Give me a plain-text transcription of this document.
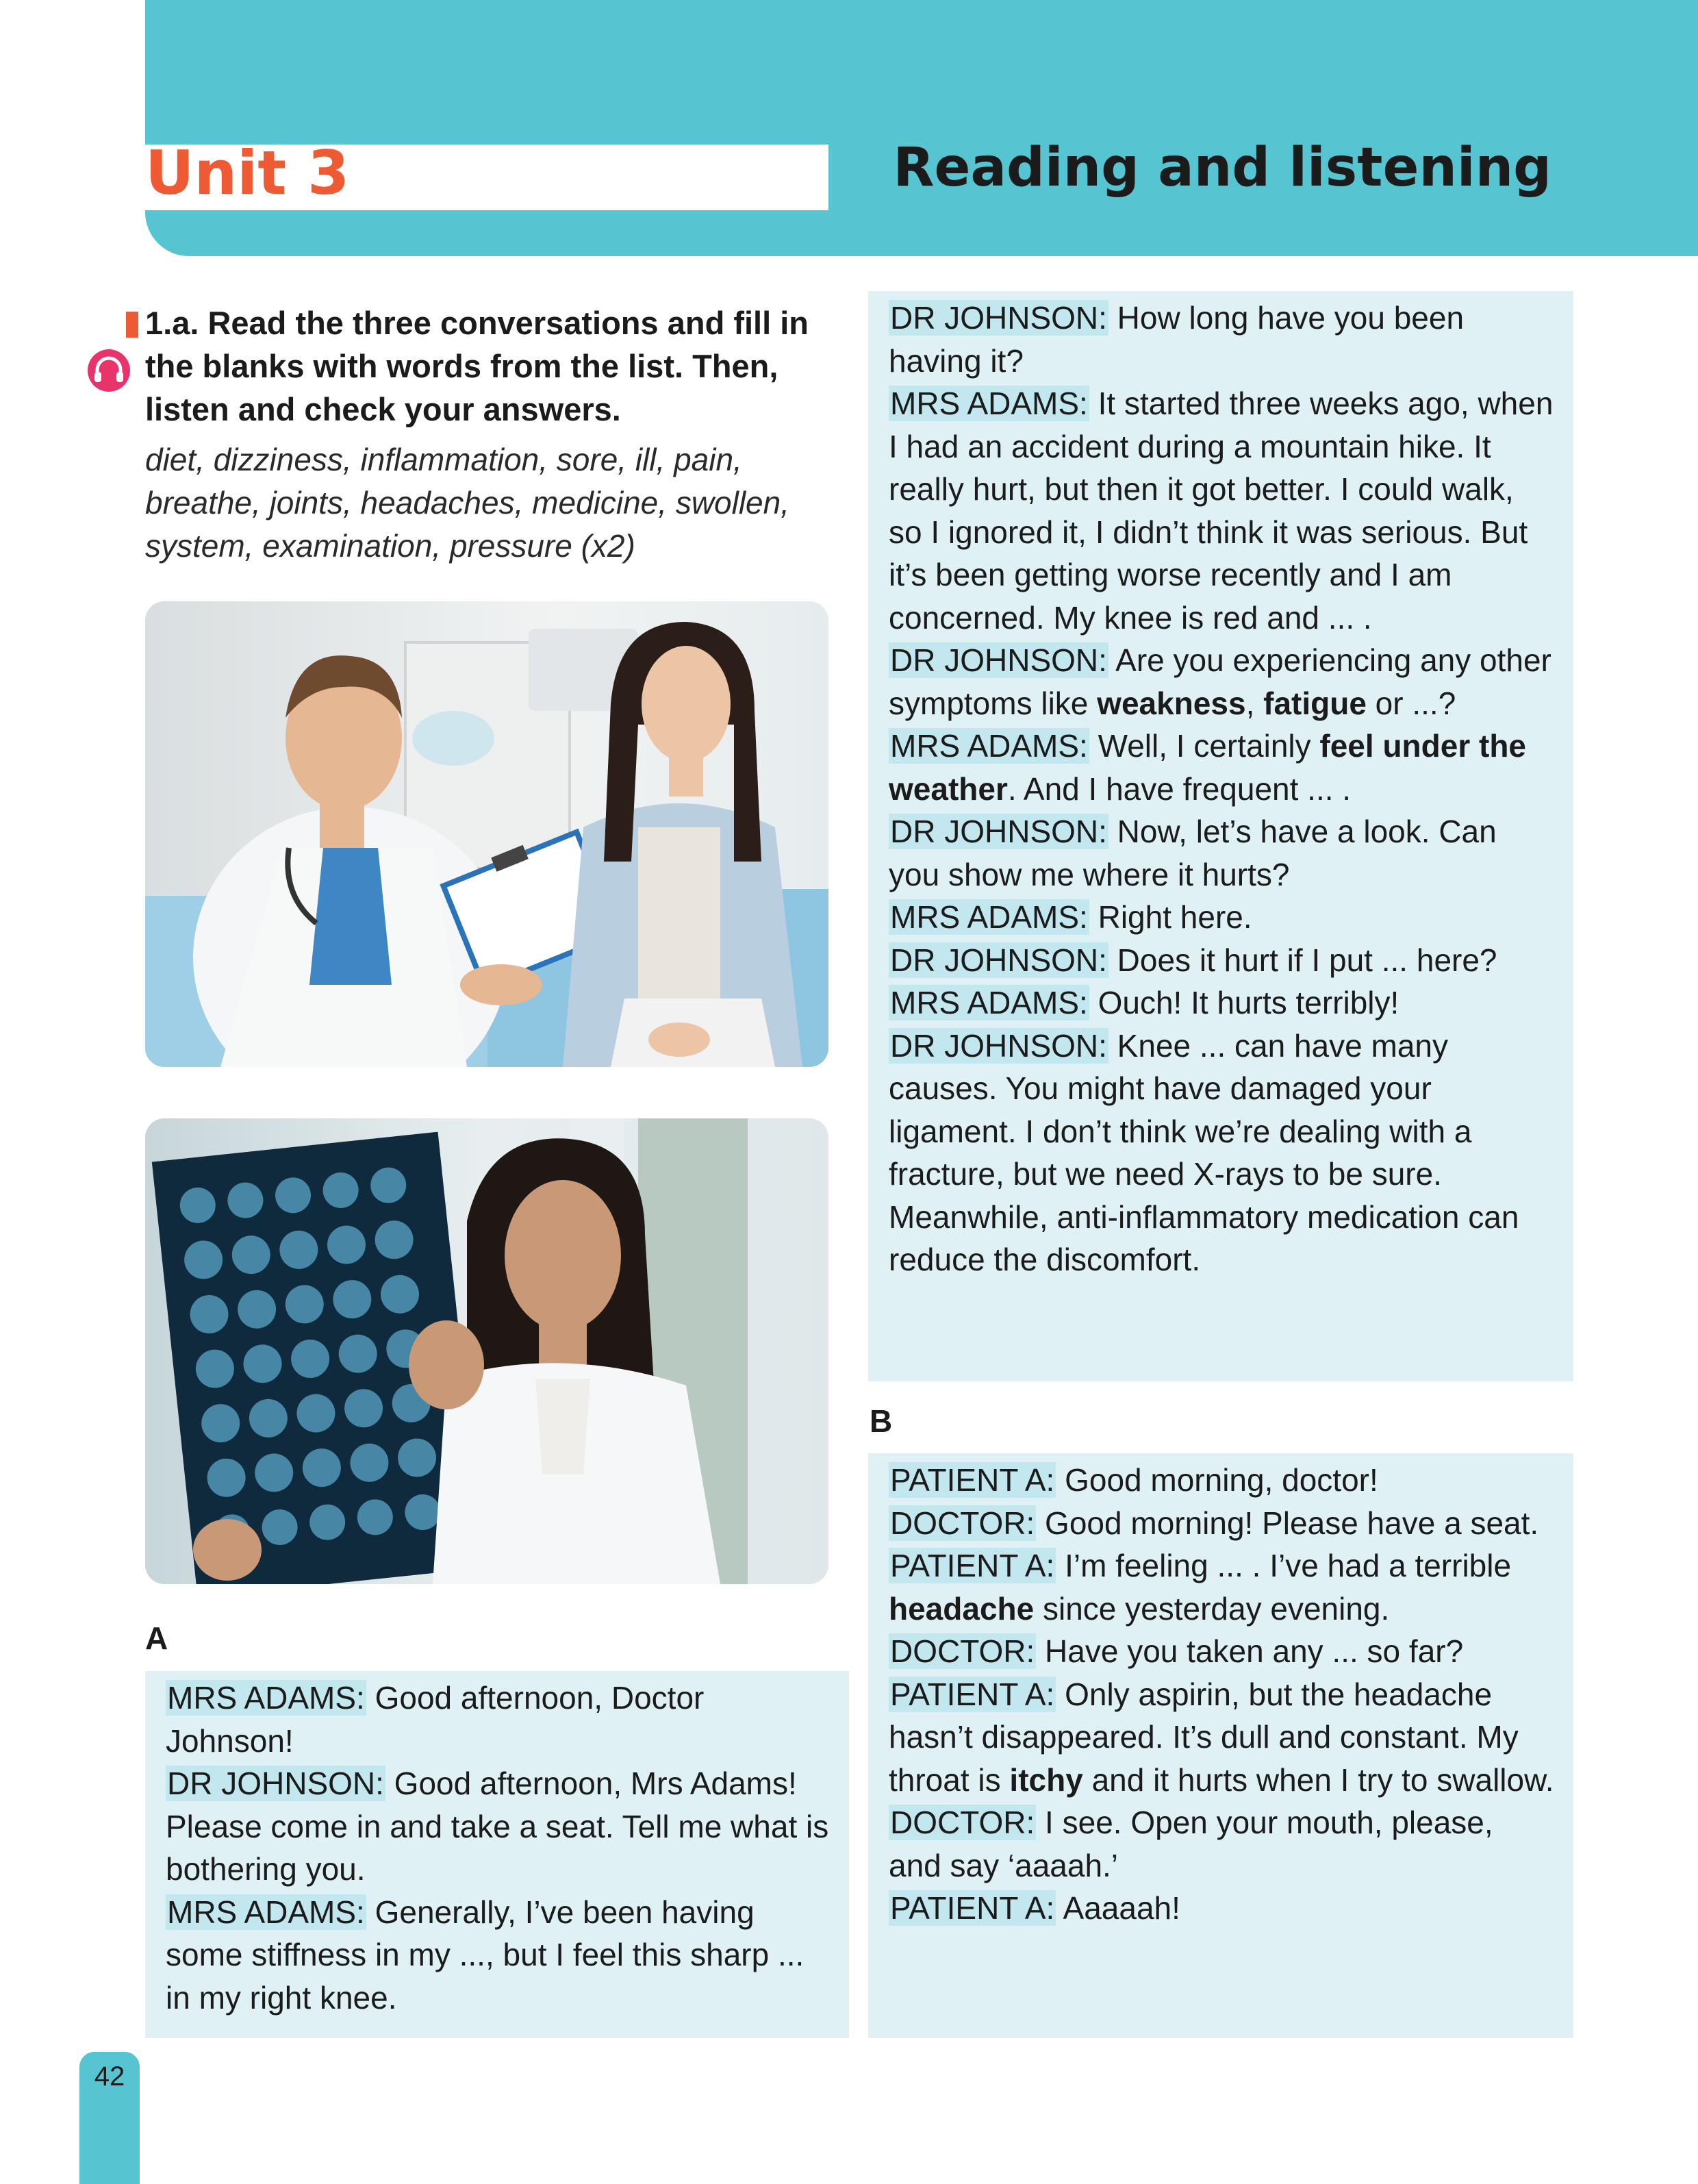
Unit 3	Reading and listening

1.a. Read the three conversations and fill in the blanks with words from the list. Then, listen and check your answers.

diet, dizziness, inflammation, sore, ill, pain, breathe, joints, headaches, medicine, swollen, system, examination, pressure (x2)

A
B
MRS ADAMS: Good afternoon, Doctor Johnson!
DR JOHNSON: Good afternoon, Mrs Adams! Please come in and take a seat. Tell me what is bothering you.
MRS ADAMS: Generally, I’ve been having some stiffness in my ..., but I feel this sharp ... in my right knee.
DR JOHNSON: How long have you been having it?
MRS ADAMS: It started three weeks ago, when I had an accident during a mountain hike. It really hurt, but then it got better. I could walk, so I ignored it, I didn’t think it was serious. But it’s been getting worse recently and I am concerned. My knee is red and ... .
DR JOHNSON: Are you experiencing any other symptoms like weakness, fatigue or ...?
MRS ADAMS: Well, I certainly feel under the weather. And I have frequent ... .
DR JOHNSON: Now, let’s have a look. Can you show me where it hurts?
MRS ADAMS: Right here.
DR JOHNSON: Does it hurt if I put ... here?
MRS ADAMS: Ouch! It hurts terribly!
DR JOHNSON: Knee ... can have many causes. You might have damaged your ligament. I don’t think we’re dealing with a fracture, but we need X-rays to be sure. Meanwhile, anti-inflammatory medication can reduce the discomfort.
PATIENT A: Good morning, doctor!
DOCTOR: Good morning! Please have a seat.
PATIENT A: I’m feeling ... . I’ve had a terrible headache since yesterday evening.
DOCTOR: Have you taken any ... so far?
PATIENT A: Only aspirin, but the headache hasn’t disappeared. It’s dull and constant. My throat is itchy and it hurts when I try to swallow.
DOCTOR: I see. Open your mouth, please, and say ‘aaaah.’
PATIENT A: Aaaaah!
42
